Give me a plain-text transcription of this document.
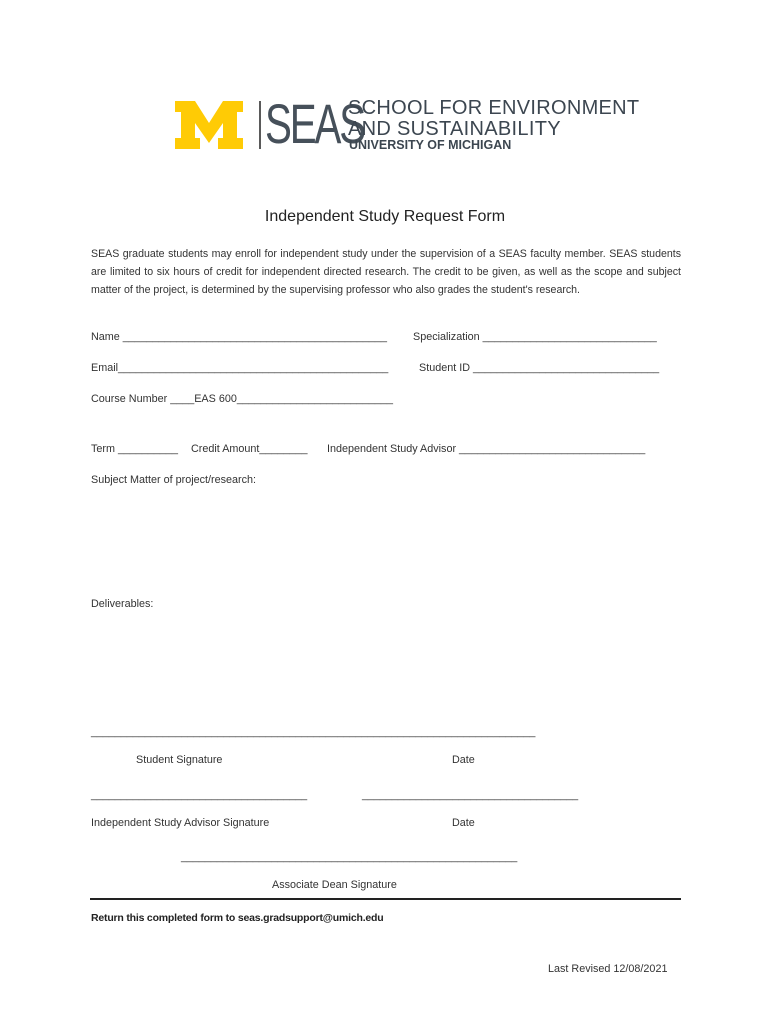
SEAS
SCHOOL FOR ENVIRONMENT
AND SUSTAINABILITY
UNIVERSITY OF MICHIGAN
Independent Study Request Form
SEAS graduate students may enroll for independent study under the supervision of a SEAS faculty member. SEAS students are limited to six hours of credit for independent directed research. The credit to be given, as well as the scope and subject matter of the project, is determined by the supervising professor who also grades the student's research.
Name ____________________________________________ Specialization _____________________________
Email_____________________________________________	Student ID _______________________________
Course Number ____EAS 600__________________________
Term __________ Credit Amount________ Independent Study Advisor _______________________________
Subject Matter of project/research:
Deliverables:
__________________________________________________________________________
Student Signature	Date
____________________________________	____________________________________
Independent Study Advisor Signature	Date
________________________________________________________
Associate Dean Signature
Return this completed form to seas.gradsupport@umich.edu
Last Revised 12/08/2021
